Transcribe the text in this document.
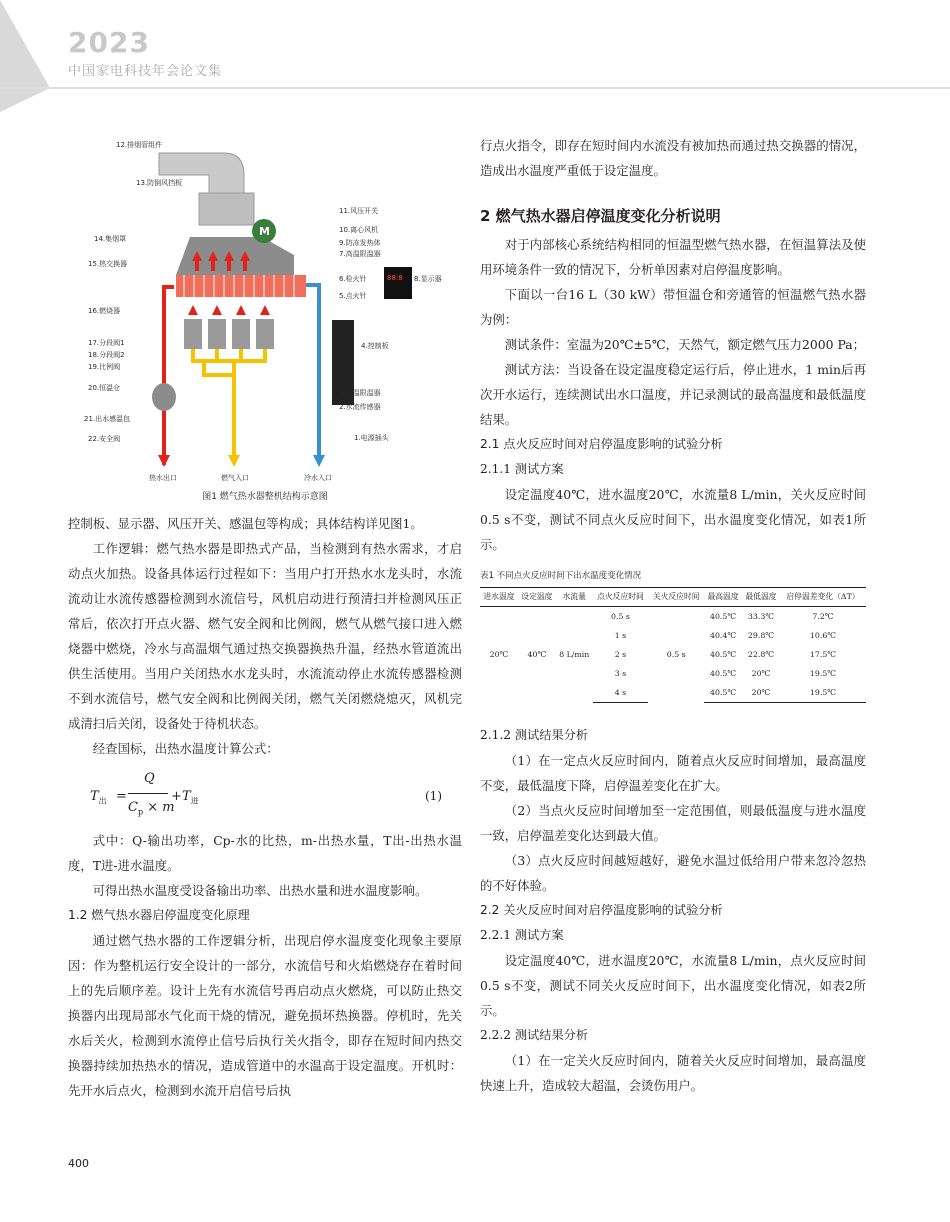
2023
中国家电科技年会论文集
M
88:8
12.排烟管组件
13.防倒风挡板
14.集烟罩
15.热交换器
16.燃烧器
17.分段阀1
18.分段阀2
19.比例阀
20.恒温仓
21.出水感温包
22.安全阀
11.风压开关
10.离心风机
9.防冻发热体
7.高温限温器
6.检火针	8.显示器
5.点火针
4.控制板
3.低温限温器
2.水流传感器
1.电源插头
热水出口	燃气入口	冷水入口
图1 燃气热水器整机结构示意图

控制板、显示器、风压开关、感温包等构成；具体结构详见图1。

工作逻辑：燃气热水器是即热式产品，当检测到有热水需求，才启动点火加热。设备具体运行过程如下：当用户打开热水水龙头时，水流流动让水流传感器检测到水流信号，风机启动进行预清扫并检测风压正常后，依次打开点火器、燃气安全阀和比例阀，燃气从燃气接口进入燃烧器中燃烧，冷水与高温烟气通过热交换器换热升温，经热水管道流出供生活使用。当用户关闭热水水龙头时，水流流动停止水流传感器检测不到水流信号，燃气安全阀和比例阀关闭，燃气关闭燃烧熄灭，风机完成清扫后关闭，设备处于待机状态。

经查国标，出热水温度计算公式：

$T_出$ =
Q
$C_p \times m$
+ $T_进$	(1)

式中：Q-输出功率，Cp-水的比热，m-出热水量，T出-出热水温度，T进-进水温度。

可得出热水温度受设备输出功率、出热水量和进水温度影响。

1.2 燃气热水器启停温度变化原理

通过燃气热水器的工作逻辑分析，出现启停水温度变化现象主要原因：作为整机运行安全设计的一部分，水流信号和火焰燃烧存在着时间上的先后顺序差。设计上先有水流信号再启动点火燃烧，可以防止热交换器内出现局部水气化而干烧的情况，避免损坏热换器。停机时，先关水后关火，检测到水流停止信号后执行关火指令，即存在短时间内热交换器持续加热热水的情况，造成管道中的水温高于设定温度。开机时：先开水后点火，检测到水流开启信号后执

行点火指令，即存在短时间内水流没有被加热而通过热交换器的情况，造成出水温度严重低于设定温度。

2 燃气热水器启停温度变化分析说明

对于内部核心系统结构相同的恒温型燃气热水器，在恒温算法及使用环境条件一致的情况下，分析单因素对启停温度影响。

下面以一台16 L（30 kW）带恒温仓和旁通管的恒温燃气热水器为例：

测试条件：室温为20℃±5℃，天然气，额定燃气压力2000 Pa；

测试方法：当设备在设定温度稳定运行后，停止进水，1 min后再次开水运行，连续测试出水口温度，并记录测试的最高温度和最低温度结果。

2.1 点火反应时间对启停温度影响的试验分析

2.1.1 测试方案

设定温度40℃，进水温度20℃，水流量8 L/min，关火反应时间0.5 s不变，测试不同点火反应时间下，出水温度变化情况，如表1所示。

表1 不同点火反应时间下出水温度变化情况

进水温度	设定温度	水流量	点火反应时间	关火反应时间	最高温度	最低温度	启停温差变化（ΔT）
20℃	40℃	8 L/min	0.5 s	0.5 s	40.5℃	33.3℃	7.2℃
			1 s		40.4℃	29.8℃	10.6℃
			2 s		40.5℃	22.8℃	17.5℃
			3 s		40.5℃	20℃	19.5℃
			4 s		40.5℃	20℃	19.5℃

2.1.2 测试结果分析

（1）在一定点火反应时间内，随着点火反应时间增加，最高温度不变，最低温度下降，启停温差变化在扩大。

（2）当点火反应时间增加至一定范围值，则最低温度与进水温度一致，启停温差变化达到最大值。

（3）点火反应时间越短越好，避免水温过低给用户带来忽冷忽热的不好体验。

2.2 关火反应时间对启停温度影响的试验分析

2.2.1 测试方案

设定温度40℃，进水温度20℃，水流量8 L/min，点火反应时间0.5 s不变，测试不同关火反应时间下，出水温度变化情况，如表2所示。

2.2.2 测试结果分析

（1）在一定关火反应时间内，随着关火反应时间增加，最高温度快速上升，造成较大超温，会烫伤用户。

400
